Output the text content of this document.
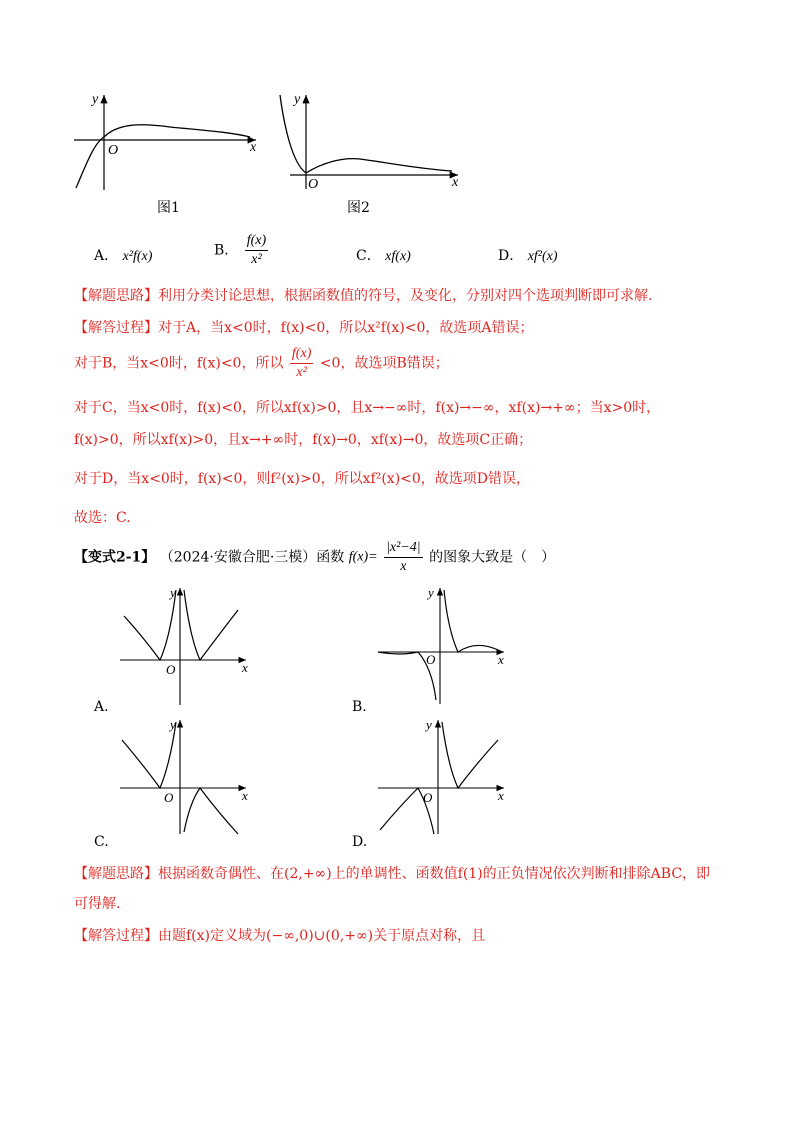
y
x
O
y
x
O
图1	图2
A． x²f(x)	B． $\frac{f(x)}{\text{x²}}$	C． xf(x)	D． xf²(x)
【解题思路】利用分类讨论思想，根据函数值的符号，及变化，分别对四个选项判断即可求解.
【解答过程】对于A，当x<0时，f(x)<0，所以x²f(x)<0，故选项A错误；
对于B，当x<0时，f(x)<0，所以 $\frac{f(x)}{\text{x²}} <0$，故选项B错误；
对于C，当x<0时，f(x)<0，所以xf(x)>0，且x→−∞时，f(x)→−∞，xf(x)→+∞；当x>0时，
f(x)>0，所以xf(x)>0，且x→+∞时，f(x)→0，xf(x)→0，故选项C正确；
对于D，当x<0时，f(x)<0，则f²(x)>0，所以xf²(x)<0，故选项D错误，
故选：C.
【变式2-1】 （2024·安徽合肥·三模）函数 $f(x)= \frac{\text{|x²−4|}}{x}$ 的图象大致是（　）
y
x
O
y
x
O
y
x
O
y
x
O
A.	B.
C.	D.
【解题思路】根据函数奇偶性、在(2,+∞)上的单调性、函数值f(1)的正负情况依次判断和排除ABC，即
可得解.
【解答过程】由题f(x)定义域为(−∞,0)∪(0,+∞)关于原点对称，且
